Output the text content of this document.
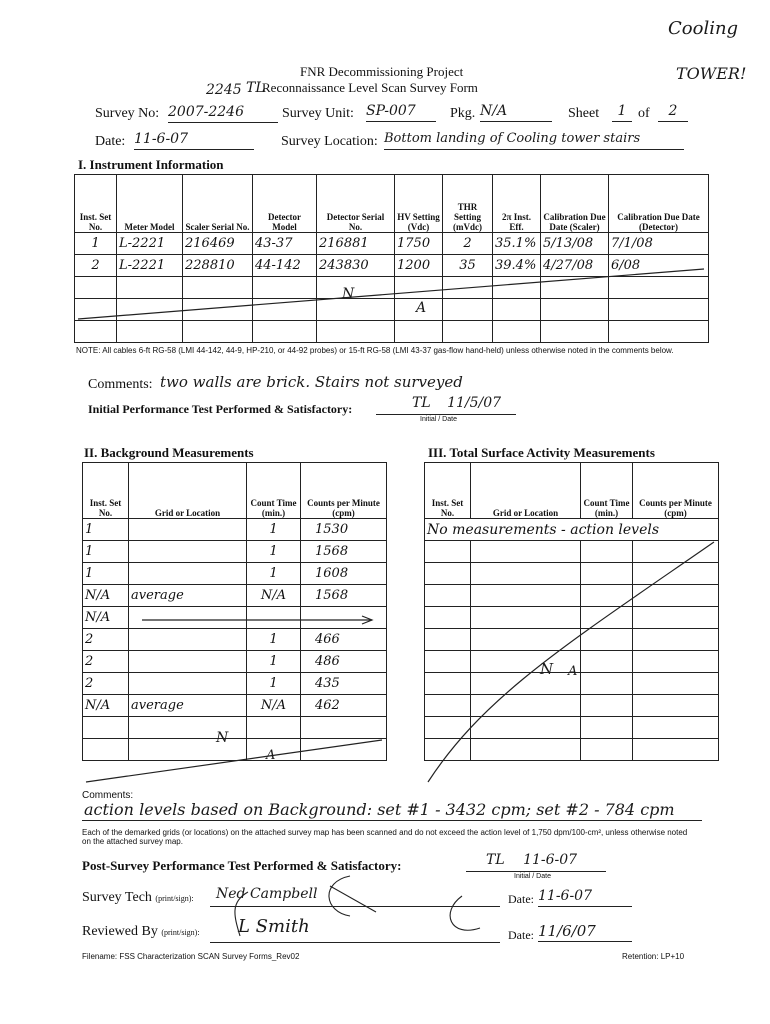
Cooling
TOWER!
FNR Decommissioning Project
2245 TL
Reconnaissance Level Scan Survey Form
Survey No: 2007-2246	Survey Unit: SP-007	Pkg. N/A	Sheet	1 of	2
Date: 11-6-07	Survey Location: Bottom landing of Cooling tower stairs
I. Instrument Information
Inst. Set No.	Meter Model	Scaler Serial No.	Detector Model	Detector Serial No.	HV Setting (Vdc)	THR Setting (mVdc)	2π Inst. Eff.	Calibration Due Date (Scaler)	Calibration Due Date (Detector)
1	L-2221	216469	43-37	216881	1750	2	35.1%	5/13/08	7/1/08
2	L-2221	228810	44-142	243830	1200	35	39.4%	4/27/08	6/08

N
A
NOTE: All cables 6-ft RG-58 (LMI 44-142, 44-9, HP-210, or 44-92 probes) or 15-ft RG-58 (LMI 43-37 gas-flow hand-held) unless otherwise noted in the comments below.
Comments: two walls are brick. Stairs not surveyed
Initial Performance Test Performed & Satisfactory:	TL 11/5/07
Initial / Date
II. Background Measurements
Inst. Set No.	Grid or Location	Count Time (min.)	Counts per Minute (cpm)
1		1	1530
1		1	1568
1		1	1608
N/A	average	N/A	1568
N/A			
2		1	466
2		1	486
2		1	435
N/A	average	N/A	462

N
A
III. Total Surface Activity Measurements
Inst. Set No.	Grid or Location	Count Time (min.)	Counts per Minute (cpm)
No measurements - action levels			

N A
Comments:
action levels based on Background: set #1 - 3432 cpm; set #2 - 784 cpm
Each of the demarked grids (or locations) on the attached survey map has been scanned and do not exceed the action level of 1,750 dpm/100-cm², unless otherwise noted on the attached survey map.
Post-Survey Performance Test Performed & Satisfactory:	TL 11-6-07
Initial / Date
Survey Tech (print/sign): Ned Campbell	Date: 11-6-07
Reviewed By (print/sign): L Smith	Date: 11/6/07
Filename: FSS Characterization SCAN Survey Forms_Rev02	Retention: LP+10
